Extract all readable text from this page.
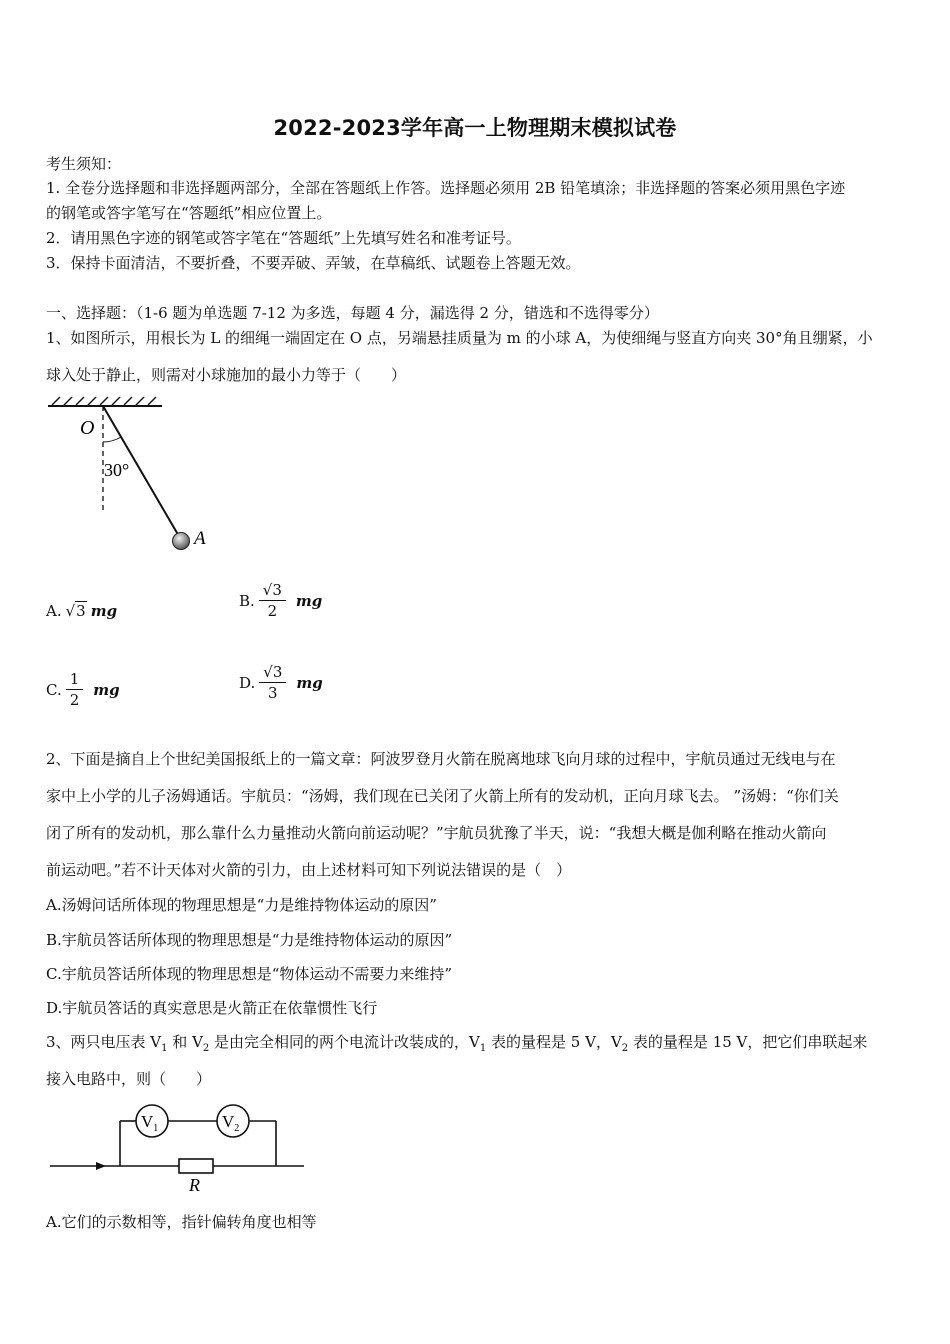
2022-2023学年高一上物理期末模拟试卷
考生须知：
1. 全卷分选择题和非选择题两部分，全部在答题纸上作答。选择题必须用 2B 铅笔填涂；非选择题的答案必须用黑色字迹
的钢笔或答字笔写在“答题纸”相应位置上。
2．请用黑色字迹的钢笔或答字笔在“答题纸”上先填写姓名和准考证号。
3．保持卡面清洁，不要折叠，不要弄破、弄皱，在草稿纸、试题卷上答题无效。
一、选择题：（1-6 题为单选题 7-12 为多选，每题 4 分，漏选得 2 分，错选和不选得零分）
1、如图所示，用根长为 L 的细绳一端固定在 O 点，另端悬挂质量为 m 的小球 A，为使细绳与竖直方向夹 30°角且绷紧，小
球入处于静止，则需对小球施加的最小力等于（　　）
O
30°
A
A. √3 mg
B. $\frac{√3}{2}$ mg
C. $\frac{1}{2}$ mg	D. $\frac{√3}{3}$ mg
2、下面是摘自上个世纪美国报纸上的一篇文章：阿波罗登月火箭在脱离地球飞向月球的过程中，宇航员通过无线电与在
家中上小学的儿子汤姆通话。宇航员：“汤姆，我们现在已关闭了火箭上所有的发动机，正向月球飞去。 ”汤姆：“你们关
闭了所有的发动机，那么靠什么力量推动火箭向前运动呢？”宇航员犹豫了半天，说：“我想大概是伽利略在推动火箭向
前运动吧。”若不计天体对火箭的引力，由上述材料可知下列说法错误的是（　）
A.汤姆问话所体现的物理思想是“力是维持物体运动的原因”
B.宇航员答话所体现的物理思想是“力是维持物体运动的原因”
C.宇航员答话所体现的物理思想是“物体运动不需要力来维持”
D.宇航员答话的真实意思是火箭正在依靠惯性飞行
3、两只电压表 $V_1$ 和 $V_2$ 是由完全相同的两个电流计改装成的，$V_1$ 表的量程是 5 V，$V_2$ 表的量程是 15 V，把它们串联起来
接入电路中，则（　　）
$V_1$	$V_2$
R
A.它们的示数相等，指针偏转角度也相等
